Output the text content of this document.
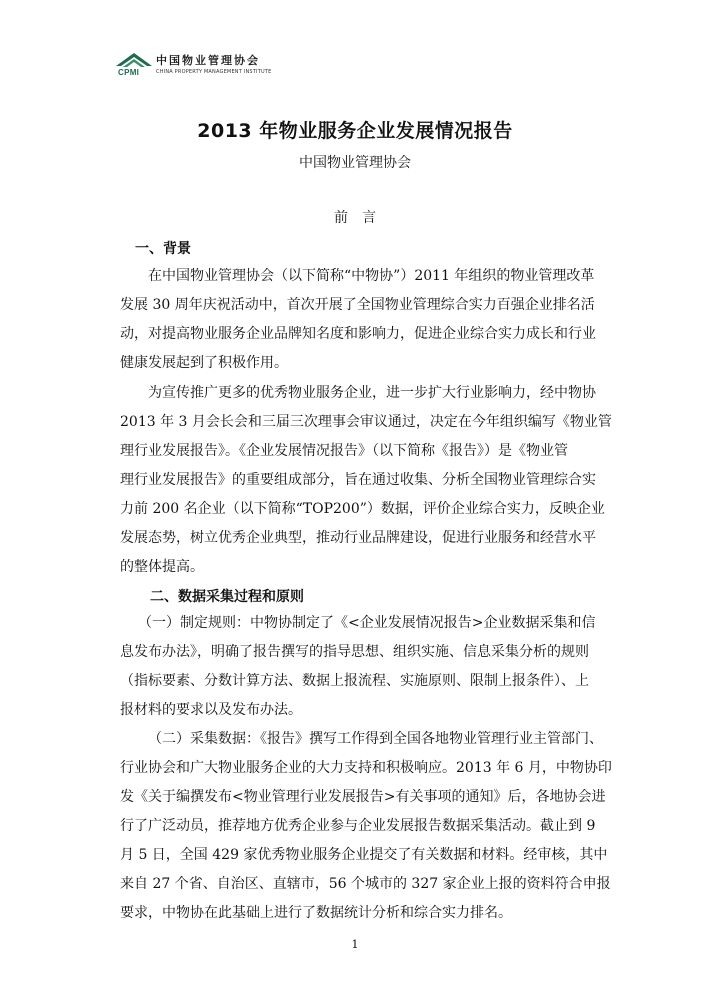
CPMI
中国物业管理协会
CHINA PROPERTY MANAGEMENT INSTITUTE
2013 年物业服务企业发展情况报告

中国物业管理协会

前言

一、背景

在中国物业管理协会（以下简称“中物协”）2011 年组织的物业管理改革

发展 30 周年庆祝活动中，首次开展了全国物业管理综合实力百强企业排名活

动，对提高物业服务企业品牌知名度和影响力，促进企业综合实力成长和行业

健康发展起到了积极作用。

为宣传推广更多的优秀物业服务企业，进一步扩大行业影响力，经中物协

2013 年 3 月会长会和三届三次理事会审议通过，决定在今年组织编写《物业管

理行业发展报告》。《企业发展情况报告》（以下简称《报告》）是《物业管

理行业发展报告》的重要组成部分，旨在通过收集、分析全国物业管理综合实

力前 200 名企业（以下简称“TOP200”）数据，评价企业综合实力，反映企业

发展态势，树立优秀企业典型，推动行业品牌建设，促进行业服务和经营水平

的整体提高。

二、数据采集过程和原则

（一）制定规则：中物协制定了《<企业发展情况报告>企业数据采集和信

息发布办法》，明确了报告撰写的指导思想、组织实施、信息采集分析的规则

（指标要素、分数计算方法、数据上报流程、实施原则、限制上报条件）、上

报材料的要求以及发布办法。

（二）采集数据：《报告》撰写工作得到全国各地物业管理行业主管部门、

行业协会和广大物业服务企业的大力支持和积极响应。2013 年 6 月，中物协印

发《关于编撰发布<物业管理行业发展报告>有关事项的通知》后，各地协会进

行了广泛动员，推荐地方优秀企业参与企业发展报告数据采集活动。截止到 9

月 5 日，全国 429 家优秀物业服务企业提交了有关数据和材料。经审核，其中

来自 27 个省、自治区、直辖市，56 个城市的 327 家企业上报的资料符合申报

要求，中物协在此基础上进行了数据统计分析和综合实力排名。

1
